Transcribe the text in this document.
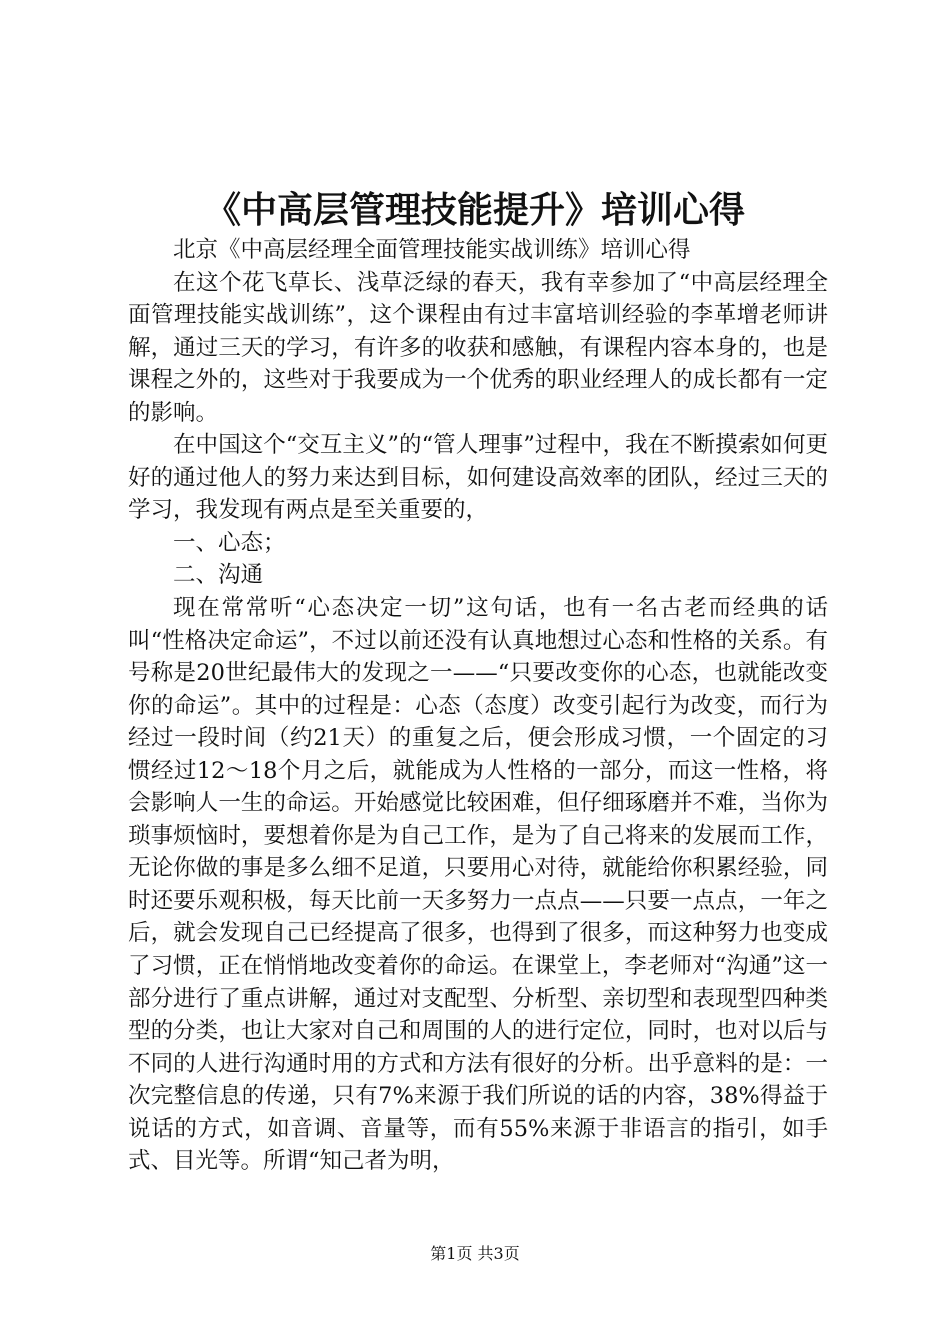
《中高层管理技能提升》培训心得

北京《中高层经理全面管理技能实战训练》培训心得

在这个花飞草长、浅草泛绿的春天，我有幸参加了“中高层经理全面管理技能实战训练”，这个课程由有过丰富培训经验的李革增老师讲解，通过三天的学习，有许多的收获和感触，有课程内容本身的，也是课程之外的，这些对于我要成为一个优秀的职业经理人的成长都有一定的影响。

在中国这个“交互主义”的“管人理事”过程中，我在不断摸索如何更好的通过他人的努力来达到目标，如何建设高效率的团队，经过三天的学习，我发现有两点是至关重要的，

一、心态；

二、沟通

现在常常听“心态决定一切”这句话，也有一名古老而经典的话叫“性格决定命运”，不过以前还没有认真地想过心态和性格的关系。有号称是20世纪最伟大的发现之一——“只要改变你的心态，也就能改变你的命运”。其中的过程是：心态（态度）改变引起行为改变，而行为经过一段时间（约21天）的重复之后，便会形成习惯，一个固定的习惯经过12～18个月之后，就能成为人性格的一部分，而这一性格，将会影响人一生的命运。开始感觉比较困难，但仔细琢磨并不难，当你为琐事烦恼时，要想着你是为自己工作，是为了自己将来的发展而工作，无论你做的事是多么细不足道，只要用心对待，就能给你积累经验，同时还要乐观积极，每天比前一天多努力一点点——只要一点点，一年之后，就会发现自己已经提高了很多，也得到了很多，而这种努力也变成了习惯，正在悄悄地改变着你的命运。在课堂上，李老师对“沟通”这一部分进行了重点讲解，通过对支配型、分析型、亲切型和表现型四种类型的分类，也让大家对自己和周围的人的进行定位，同时，也对以后与不同的人进行沟通时用的方式和方法有很好的分析。出乎意料的是：一次完整信息的传递，只有7%来源于我们所说的话的内容，38%得益于说话的方式，如音调、音量等，而有55%来源于非语言的指引，如手式、目光等。所谓“知己者为明，

第1页 共3页
